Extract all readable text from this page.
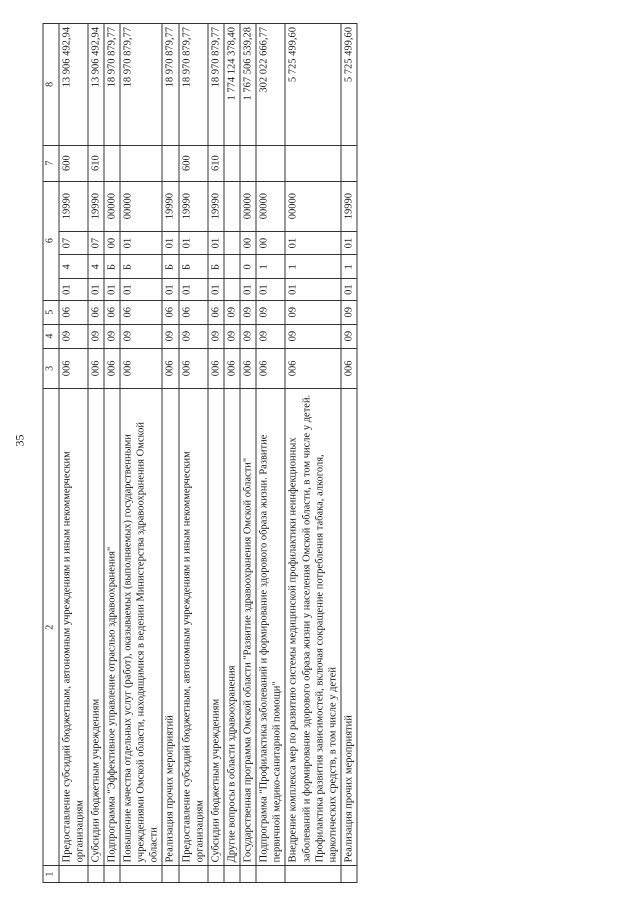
35
1	2	3	4	5	6				7	8
	Предоставление субсидий бюджетным, автономным учреждениям и иным некоммерческим организациям	006	09	06	01	4	07	19990	600	13 906 492,94
	Субсидии бюджетным учреждениям	006	09	06	01	4	07	19990	610	13 906 492,94
	Подпрограмма "Эффективное управление отраслью здравоохранения"	006	09	06	01	Б	00	00000		18 970 879,77
	Повышение качества отдельных услуг (работ), оказываемых (выполняемых) государственными учреждениями Омской области, находящимися в ведении Министерства здравоохранения Омской области	006	09	06	01	Б	01	00000		18 970 879,77
	Реализация прочих мероприятий	006	09	06	01	Б	01	19990		18 970 879,77
	Предоставление субсидий бюджетным, автономным учреждениям и иным некоммерческим организациям	006	09	06	01	Б	01	19990	600	18 970 879,77
	Субсидии бюджетным учреждениям	006	09	06	01	Б	01	19990	610	18 970 879,77
	Другие вопросы в области здравоохранения	006	09	09						1 774 124 378,40
	Государственная программа Омской области "Развитие здравоохранения Омской области"	006	09	09	01	0	00	00000		1 767 506 539,28
	Подпрограмма "Профилактика заболеваний и формирование здорового образа жизни. Развитие первичной медико-санитарной помощи"	006	09	09	01	1	00	00000		302 022 666,77
	Внедрение комплекса мер по развитию системы медицинской профилактики неинфекционных заболеваний и формирование здорового образа жизни у населения Омской области, в том числе у детей. Профилактика развития зависимостей, включая сокращение потребления табака, алкоголя, наркотических средств, в том числе у детей	006	09	09	01	1	01	00000		5 725 499,60
	Реализация прочих мероприятий	006	09	09	01	1	01	19990		5 725 499,60
